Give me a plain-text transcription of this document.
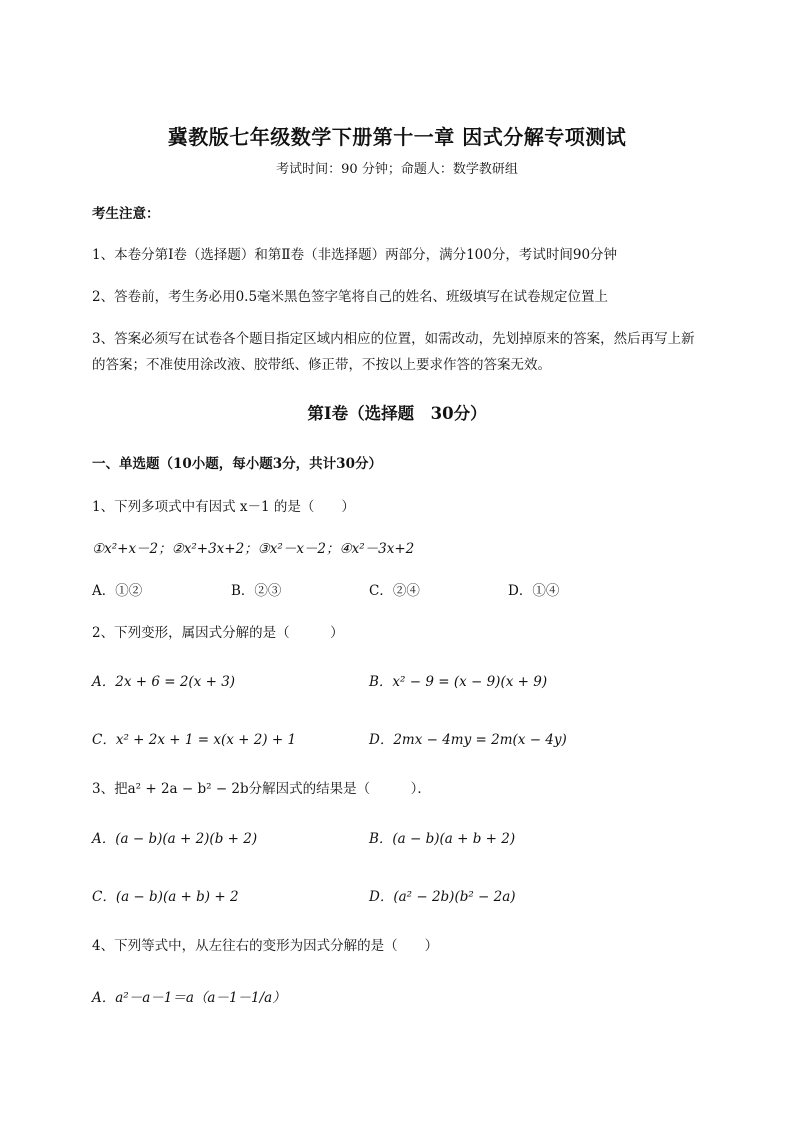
冀教版七年级数学下册第十一章 因式分解专项测试
考试时间：90 分钟；命题人：数学教研组
考生注意：
1、本卷分第Ⅰ卷（选择题）和第Ⅱ卷（非选择题）两部分，满分100分，考试时间90分钟
2、答卷前，考生务必用0.5毫米黑色签字笔将自己的姓名、班级填写在试卷规定位置上
3、答案必须写在试卷各个题目指定区域内相应的位置，如需改动，先划掉原来的答案，然后再写上新
的答案；不准使用涂改液、胶带纸、修正带，不按以上要求作答的答案无效。
第Ⅰ卷（选择题　30分）
一、单选题（10小题，每小题3分，共计30分）
1、下列多项式中有因式 x－1 的是（　　）
①x²+x－2；②x²+3x+2；③x²－x－2；④x²－3x+2
A．①②	B．②③	C．②④	D．①④
2、下列变形，属因式分解的是（　　　）
A．2x + 6 = 2(x + 3)	B．x² − 9 = (x − 9)(x + 9)
C．x² + 2x + 1 = x(x + 2) + 1	D．2mx − 4my = 2m(x − 4y)
3、把a² + 2a − b² − 2b分解因式的结果是（　　　）．
A．(a − b)(a + 2)(b + 2)	B．(a − b)(a + b + 2)
C．(a − b)(a + b) + 2	D．(a² − 2b)(b² − 2a)
4、下列等式中，从左往右的变形为因式分解的是（　　）
A．a²－a－1＝a（a－1－1/a）
